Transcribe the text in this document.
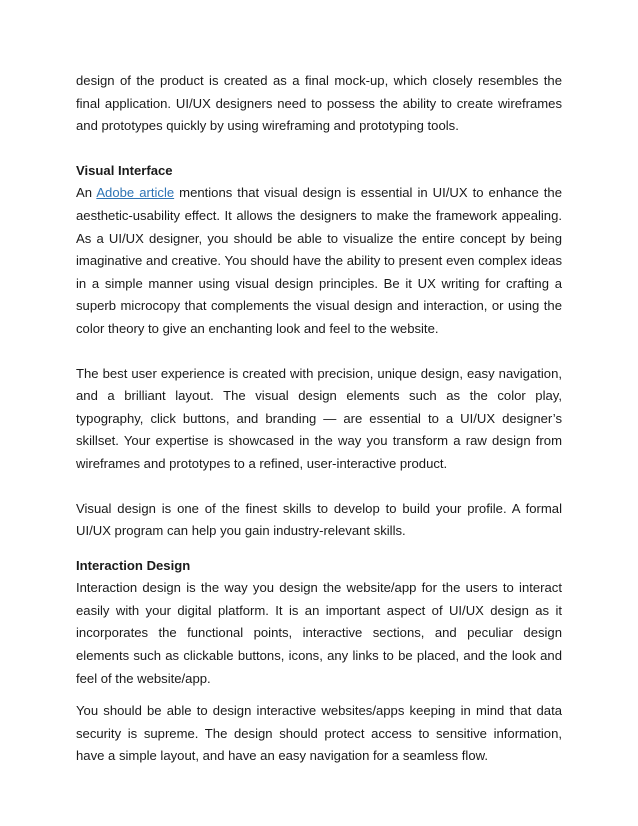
design of the product is created as a final mock-up, which closely resembles the final application. UI/UX designers need to possess the ability to create wireframes and prototypes quickly by using wireframing and prototyping tools.

Visual Interface

An Adobe article mentions that visual design is essential in UI/UX to enhance the aesthetic-usability effect. It allows the designers to make the framework appealing. As a UI/UX designer, you should be able to visualize the entire concept by being imaginative and creative. You should have the ability to present even complex ideas in a simple manner using visual design principles. Be it UX writing for crafting a superb microcopy that complements the visual design and interaction, or using the color theory to give an enchanting look and feel to the website.

The best user experience is created with precision, unique design, easy navigation, and a brilliant layout. The visual design elements such as the color play, typography, click buttons, and branding — are essential to a UI/UX designer’s skillset. Your expertise is showcased in the way you transform a raw design from wireframes and prototypes to a refined, user-interactive product.

Visual design is one of the finest skills to develop to build your profile. A formal UI/UX program can help you gain industry-relevant skills.

Interaction Design

Interaction design is the way you design the website/app for the users to interact easily with your digital platform. It is an important aspect of UI/UX design as it incorporates the functional points, interactive sections, and peculiar design elements such as clickable buttons, icons, any links to be placed, and the look and feel of the website/app.

You should be able to design interactive websites/apps keeping in mind that data security is supreme. The design should protect access to sensitive information, have a simple layout, and have an easy navigation for a seamless flow.
